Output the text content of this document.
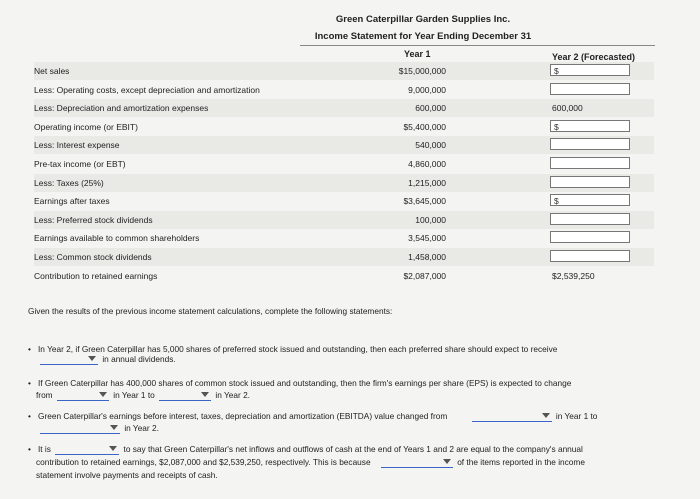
Green Caterpillar Garden Supplies Inc.
Income Statement for Year Ending December 31
Year 1	Year 2 (Forecasted)
Net sales	$15,000,000	$
Less: Operating costs, except depreciation and amortization	9,000,000
Less: Depreciation and amortization expenses	600,000	600,000
Operating income (or EBIT)	$5,400,000	$
Less: Interest expense	540,000
Pre-tax income (or EBT)	4,860,000
Less: Taxes (25%)	1,215,000
Earnings after taxes	$3,645,000	$
Less: Preferred stock dividends	100,000
Earnings available to common shareholders	3,545,000
Less: Common stock dividends	1,458,000
Contribution to retained earnings	$2,087,000	$2,539,250
Given the results of the previous income statement calculations, complete the following statements:
• In Year 2, if Green Caterpillar has 5,000 shares of preferred stock issued and outstanding, then each preferred share should expect to receive
in annual dividends.
• If Green Caterpillar has 400,000 shares of common stock issued and outstanding, then the firm's earnings per share (EPS) is expected to change
from	in Year 1 to	in Year 2.
• Green Caterpillar's earnings before interest, taxes, depreciation and amortization (EBITDA) value changed from	in Year 1 to
in Year 2.
• It is	to say that Green Caterpillar's net inflows and outflows of cash at the end of Years 1 and 2 are equal to the company's annual
contribution to retained earnings, $2,087,000 and $2,539,250, respectively. This is because	of the items reported in the income
statement involve payments and receipts of cash.
